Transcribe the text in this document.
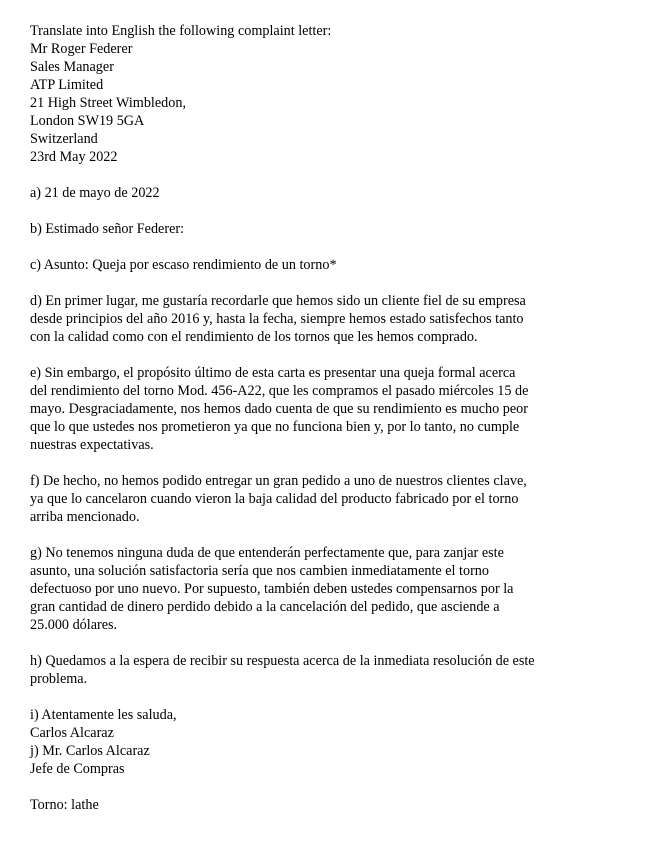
Translate into English the following complaint letter:
Mr Roger Federer
Sales Manager
ATP Limited
21 High Street Wimbledon,
London SW19 5GA
Switzerland
23rd May 2022
a) 21 de mayo de 2022
b) Estimado señor Federer:
c) Asunto: Queja por escaso rendimiento de un torno*
d) En primer lugar, me gustaría recordarle que hemos sido un cliente fiel de su empresa
desde principios del año 2016 y, hasta la fecha, siempre hemos estado satisfechos tanto
con la calidad como con el rendimiento de los tornos que les hemos comprado.
e) Sin embargo, el propósito último de esta carta es presentar una queja formal acerca
del rendimiento del torno Mod. 456-A22, que les compramos el pasado miércoles 15 de
mayo. Desgraciadamente, nos hemos dado cuenta de que su rendimiento es mucho peor
que lo que ustedes nos prometieron ya que no funciona bien y, por lo tanto, no cumple
nuestras expectativas.
f) De hecho, no hemos podido entregar un gran pedido a uno de nuestros clientes clave,
ya que lo cancelaron cuando vieron la baja calidad del producto fabricado por el torno
arriba mencionado.
g) No tenemos ninguna duda de que entenderán perfectamente que, para zanjar este
asunto, una solución satisfactoria sería que nos cambien inmediatamente el torno
defectuoso por uno nuevo. Por supuesto, también deben ustedes compensarnos por la
gran cantidad de dinero perdido debido a la cancelación del pedido, que asciende a
25.000 dólares.
h) Quedamos a la espera de recibir su respuesta acerca de la inmediata resolución de este
problema.
i) Atentamente les saluda,
Carlos Alcaraz
j) Mr. Carlos Alcaraz
Jefe de Compras
Torno: lathe
